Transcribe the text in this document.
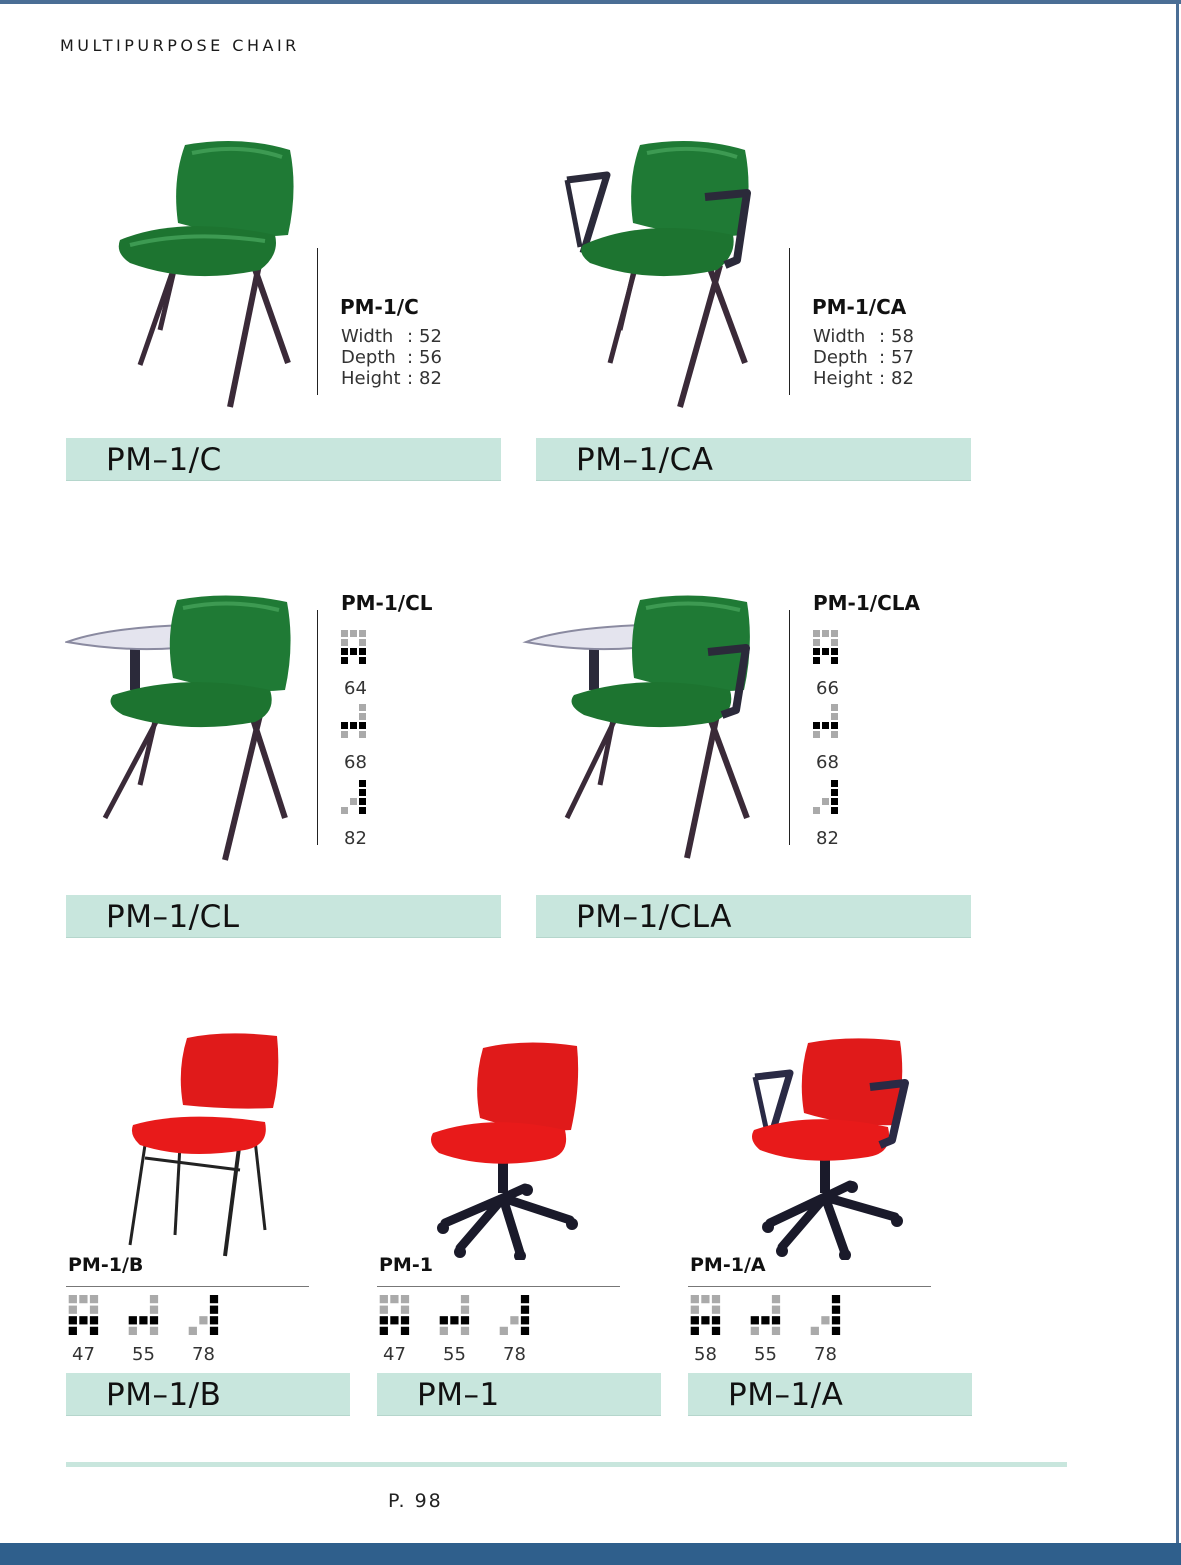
MULTIPURPOSE CHAIR
PM-1/C
Width : 52
Depth : 56
Height : 82
PM–1/C
PM-1/CA
Width : 58
Depth : 57
Height : 82
PM–1/CA
PM-1/CL
64
68
82
PM–1/CL
PM-1/CLA
66
68
82
PM–1/CLA
PM-1/B
47 55 78
PM–1/B
PM-1
47 55 78
PM–1
PM-1/A
58 55 78
PM–1/A
P. 98
